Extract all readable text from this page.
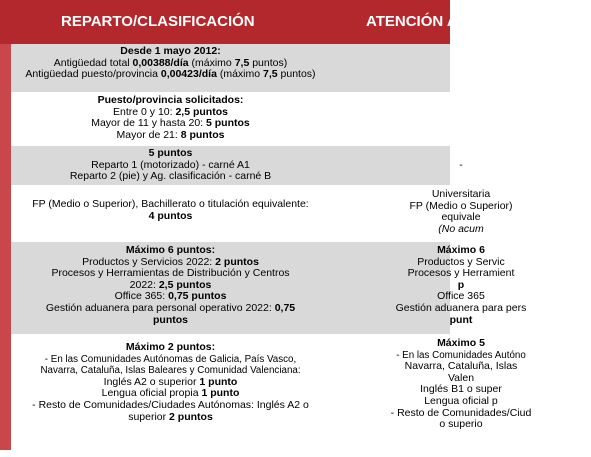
REPARTO/CLASIFICACIÓN	ATENCIÓN A
Desde 1 mayo 2012:
Antigüedad total 0,00388/día (máximo 7,5 puntos)
Antigüedad puesto/provincia 0,00423/día (máximo 7,5 puntos)
Puesto/provincia solicitados:
Entre 0 y 10: 2,5 puntos
Mayor de 11 y hasta 20: 5 puntos
Mayor de 21: 8 puntos
5 puntos
Reparto 1 (motorizado) - carné A1
Reparto 2 (pie) y Ag. clasificación - carné B
-
FP (Medio o Superior), Bachillerato o titulación equivalente:
4 puntos
Universitaria
FP (Medio o Superior)
equivale
(No acum
Máximo 6 puntos:
Productos y Servicios 2022: 2 puntos
Procesos y Herramientas de Distribución y Centros
2022: 2,5 puntos
Office 365: 0,75 puntos
Gestión aduanera para personal operativo 2022: 0,75
puntos
Máximo 6
Productos y Servic
Procesos y Herramient
p
Office 365
Gestión aduanera para pers
punt
Máximo 2 puntos:
- En las Comunidades Autónomas de Galicia, País Vasco,
Navarra, Cataluña, Islas Baleares y Comunidad Valenciana:
Inglés A2 o superior 1 punto
Lengua oficial propia 1 punto
- Resto de Comunidades/Ciudades Autónomas: Inglés A2 o
superior 2 puntos
Máximo 5
- En las Comunidades Autóno
Navarra, Cataluña, Islas
Valen
Inglés B1 o super
Lengua oficial p
- Resto de Comunidades/Ciud
o superio
